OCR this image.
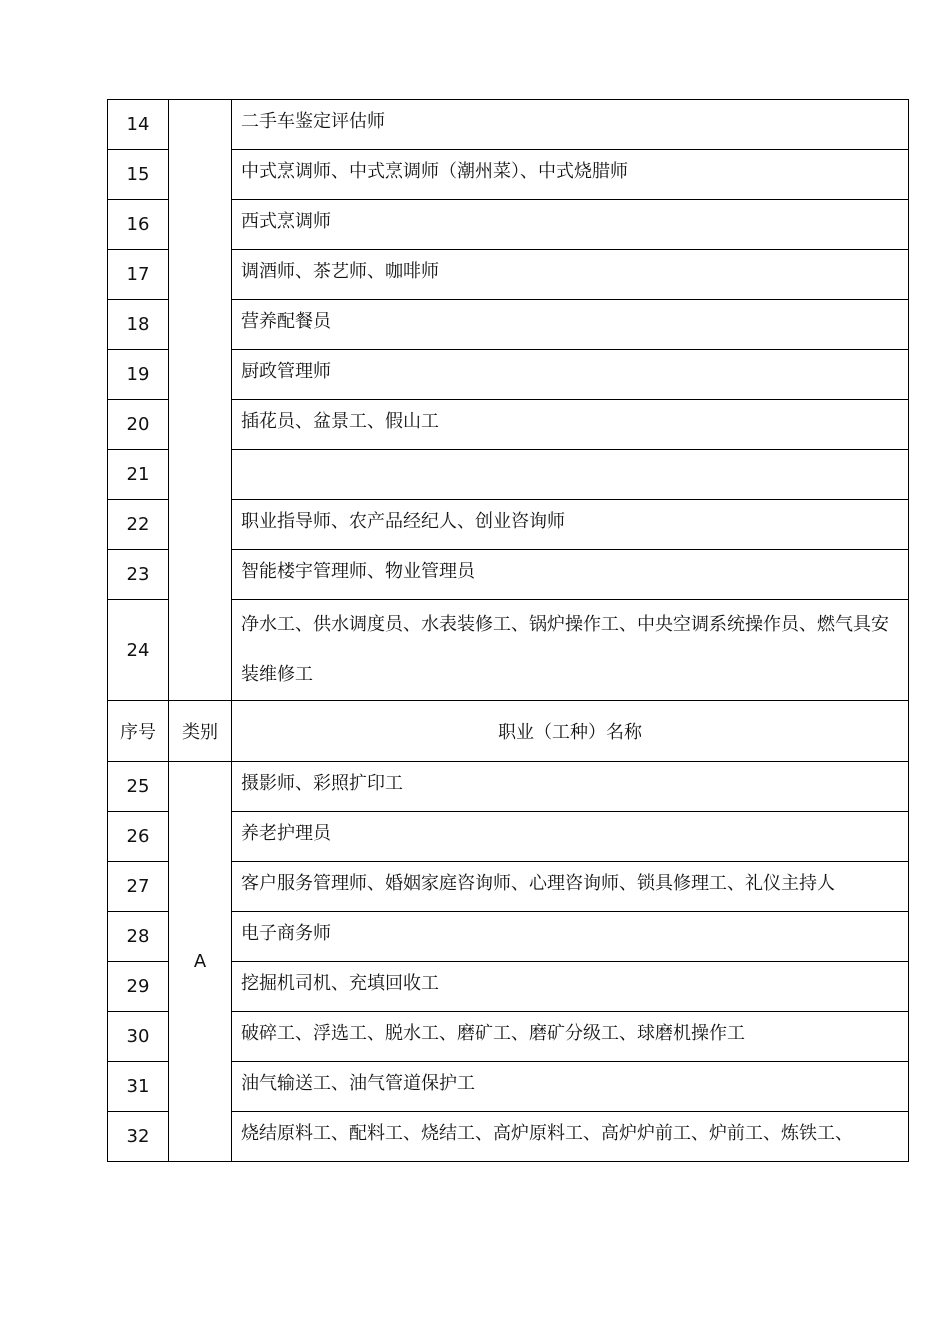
14		二手车鉴定评估师

15		中式烹调师、中式烹调师（潮州菜）、中式烧腊师

16		西式烹调师

17		调酒师、茶艺师、咖啡师

18		营养配餐员

19		厨政管理师

20		插花员、盆景工、假山工

21		

22		职业指导师、农产品经纪人、创业咨询师

23		智能楼宇管理师、物业管理员

24		净水工、供水调度员、水表装修工、锅炉操作工、中央空调系统操作员、燃气具安装维修工

序号	类别	职业（工种）名称
25	A	摄影师、彩照扩印工

26		养老护理员

27		客户服务管理师、婚姻家庭咨询师、心理咨询师、锁具修理工、礼仪主持人

28		电子商务师

29		挖掘机司机、充填回收工

30		破碎工、浮选工、脱水工、磨矿工、磨矿分级工、球磨机操作工

31		油气输送工、油气管道保护工

32		烧结原料工、配料工、烧结工、高炉原料工、高炉炉前工、炉前工、炼铁工、
